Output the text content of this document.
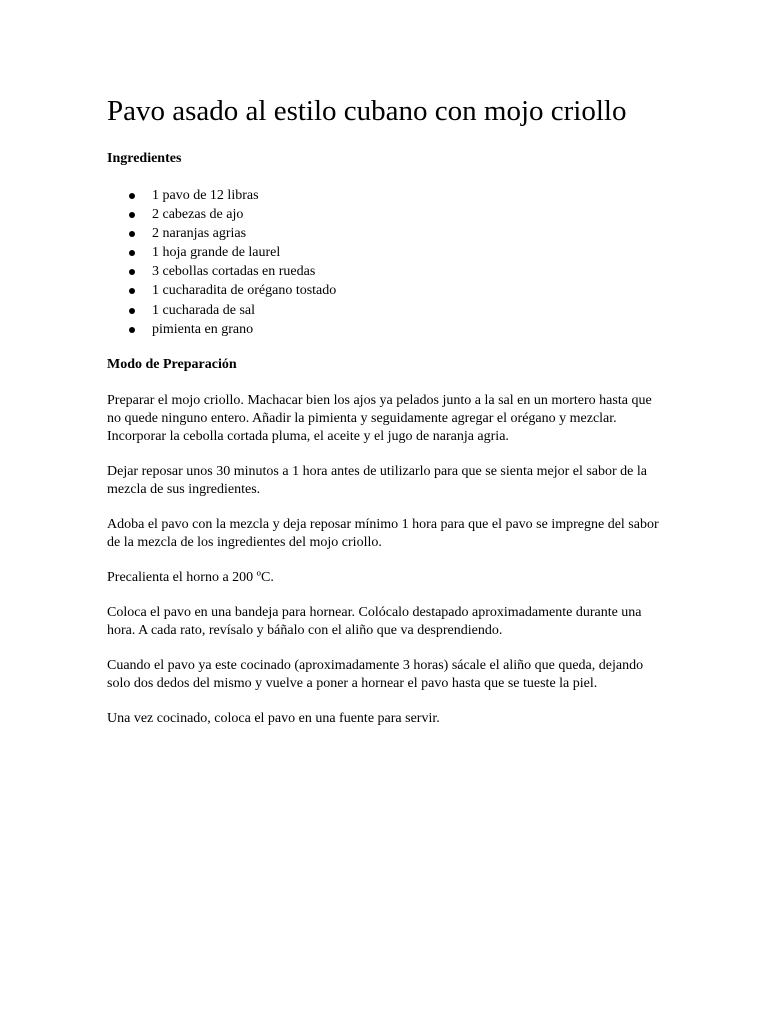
Pavo asado al estilo cubano con mojo criollo
Ingredientes
1 pavo de 12 libras
2 cabezas de ajo
2 naranjas agrias
1 hoja grande de laurel
3 cebollas cortadas en ruedas
1 cucharadita de orégano tostado
1 cucharada de sal
pimienta en grano
Modo de Preparación

Preparar el mojo criollo. Machacar bien los ajos ya pelados junto a la sal en un mortero hasta que no quede ninguno entero. Añadir la pimienta y seguidamente agregar el orégano y mezclar. Incorporar la cebolla cortada pluma, el aceite y el jugo de naranja agria.

Dejar reposar unos 30 minutos a 1 hora antes de utilizarlo para que se sienta mejor el sabor de la mezcla de sus ingredientes.

Adoba el pavo con la mezcla y deja reposar mínimo 1 hora para que el pavo se impregne del sabor de la mezcla de los ingredientes del mojo criollo.

Precalienta el horno a 200 ºC.

Coloca el pavo en una bandeja para hornear. Colócalo destapado aproximadamente durante una hora. A cada rato, revísalo y báñalo con el aliño que va desprendiendo.

Cuando el pavo ya este cocinado (aproximadamente 3 horas) sácale el aliño que queda, dejando solo dos dedos del mismo y vuelve a poner a hornear el pavo hasta que se tueste la piel.

Una vez cocinado, coloca el pavo en una fuente para servir.
